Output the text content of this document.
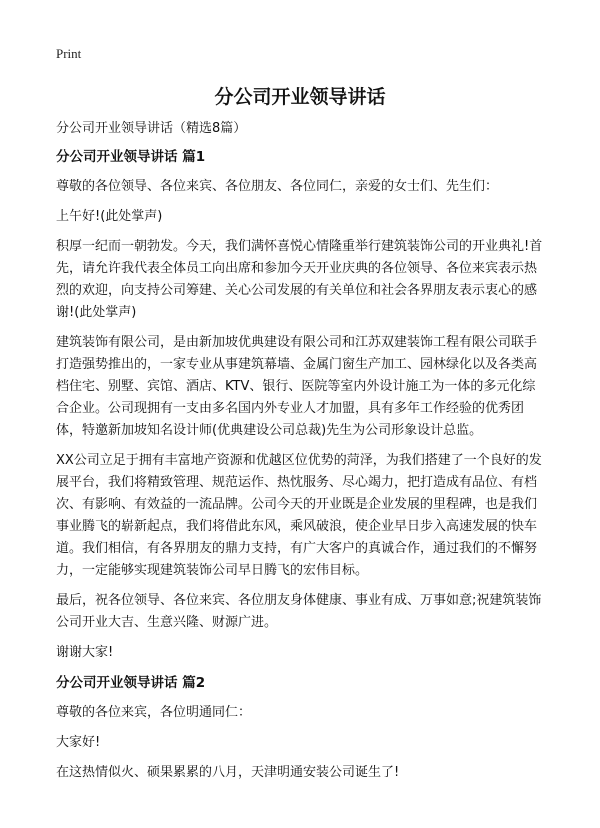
Print
分公司开业领导讲话

分公司开业领导讲话（精选8篇）

分公司开业领导讲话 篇1

尊敬的各位领导、各位来宾、各位朋友、各位同仁，亲爱的女士们、先生们：

上午好!(此处掌声)

积厚一纪而一朝勃发。今天，我们满怀喜悦心情隆重举行建筑装饰公司的开业典礼!首先，请允许我代表全体员工向出席和参加今天开业庆典的各位领导、各位来宾表示热烈的欢迎，向支持公司筹建、关心公司发展的有关单位和社会各界朋友表示衷心的感谢!(此处掌声)

建筑装饰有限公司，是由新加坡优典建设有限公司和江苏双建装饰工程有限公司联手打造强势推出的，一家专业从事建筑幕墙、金属门窗生产加工、园林绿化以及各类高档住宅、别墅、宾馆、酒店、KTV、银行、医院等室内外设计施工为一体的多元化综合企业。公司现拥有一支由多名国内外专业人才加盟，具有多年工作经验的优秀团体，特邀新加坡知名设计师(优典建设公司总裁)先生为公司形象设计总监。

XX公司立足于拥有丰富地产资源和优越区位优势的菏泽，为我们搭建了一个良好的发展平台，我们将精致管理、规范运作、热忱服务、尽心竭力，把打造成有品位、有档次、有影响、有效益的一流品牌。公司今天的开业既是企业发展的里程碑，也是我们事业腾飞的崭新起点，我们将借此东风，乘风破浪，使企业早日步入高速发展的快车道。我们相信，有各界朋友的鼎力支持，有广大客户的真诚合作，通过我们的不懈努力，一定能够实现建筑装饰公司早日腾飞的宏伟目标。

最后，祝各位领导、各位来宾、各位朋友身体健康、事业有成、万事如意;祝建筑装饰公司开业大吉、生意兴隆、财源广进。

谢谢大家!

分公司开业领导讲话 篇2

尊敬的各位来宾，各位明通同仁：

大家好!

在这热情似火、硕果累累的八月，天津明通安装公司诞生了!
